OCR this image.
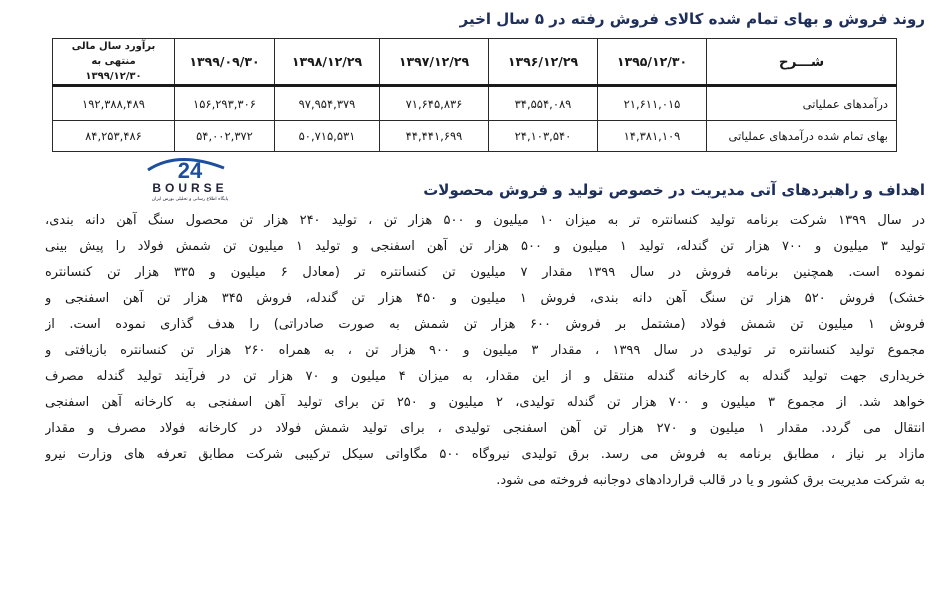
روند فروش و بهای تمام شده کالای فروش رفته در ۵ سال اخیر
شـــرح	۱۳۹۵/۱۲/۳۰	۱۳۹۶/۱۲/۲۹	۱۳۹۷/۱۲/۲۹	۱۳۹۸/۱۲/۲۹	۱۳۹۹/۰۹/۳۰	برآورد سال مالی منتهی به
۱۳۹۹/۱۲/۳۰
درآمدهای عملیاتی	۲۱,۶۱۱,۰۱۵	۳۴,۵۵۴,۰۸۹	۷۱,۶۴۵,۸۳۶	۹۷,۹۵۴,۳۷۹	۱۵۶,۲۹۳,۳۰۶	۱۹۲,۳۸۸,۴۸۹
بهای تمام شده درآمدهای عملیاتی	۱۴,۳۸۱,۱۰۹	۲۴,۱۰۳,۵۴۰	۴۴,۴۴۱,۶۹۹	۵۰,۷۱۵,۵۳۱	۵۴,۰۰۲,۳۷۲	۸۴,۲۵۳,۴۸۶
24
BOURSE
پایگاه اطلاع رسانی و تحلیلی بورس ایران
اهداف و راهبردهای آتی مدیریت در خصوص تولید و فروش محصولات
در سال ۱۳۹۹ شرکت برنامه تولید کنسانتره تر به میزان ۱۰ میلیون و ۵۰۰ هزار تن ، تولید ۲۴۰ هزار تن محصول سنگ آهن دانه بندی،
تولید ۳ میلیون و ۷۰۰ هزار تن گندله، تولید ۱ میلیون و ۵۰۰ هزار تن آهن اسفنجی و تولید ۱ میلیون تن شمش فولاد را پیش بینی
نموده است. همچنین برنامه فروش در سال ۱۳۹۹ مقدار ۷ میلیون تن کنسانتره تر (معادل ۶ میلیون و ۳۳۵ هزار تن کنسانتره
خشک) فروش ۵۲۰ هزار تن سنگ آهن دانه بندی، فروش ۱ میلیون و ۴۵۰ هزار تن گندله، فروش ۳۴۵ هزار تن آهن اسفنجی و
فروش ۱ میلیون تن شمش فولاد (مشتمل بر فروش ۶۰۰ هزار تن شمش به صورت صادراتی) را هدف گذاری نموده است. از
مجموع تولید کنسانتره تر تولیدی در سال ۱۳۹۹ ، مقدار ۳ میلیون و ۹۰۰ هزار تن ، به همراه ۲۶۰ هزار تن کنسانتره بازیافتی و
خریداری جهت تولید گندله به کارخانه گندله منتقل و از این مقدار، به میزان ۴ میلیون و ۷۰ هزار تن در فرآیند تولید گندله مصرف
خواهد شد. از مجموع ۳ میلیون و ۷۰۰ هزار تن گندله تولیدی، ۲ میلیون و ۲۵۰ تن برای تولید آهن اسفنجی به کارخانه آهن اسفنجی
انتقال می گردد. مقدار ۱ میلیون و ۲۷۰ هزار تن آهن اسفنجی تولیدی ، برای تولید شمش فولاد در کارخانه فولاد مصرف و مقدار
مازاد بر نیاز ، مطابق برنامه به فروش می رسد. برق تولیدی نیروگاه ۵۰۰ مگاواتی سیکل ترکیبی شرکت مطابق تعرفه های وزارت نیرو
به شرکت مدیریت برق کشور و یا در قالب قراردادهای دوجانبه فروخته می شود.
